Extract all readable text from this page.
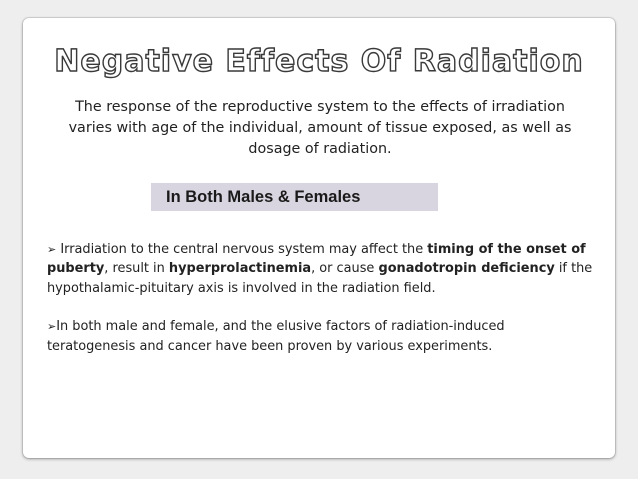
Negative Effects Of Radiation
The response of the reproductive system to the effects of irradiation varies with age of the individual, amount of tissue exposed, as well as dosage of radiation.
In Both Males & Females

➢ Irradiation to the central nervous system may affect the timing of the onset of puberty, result in hyperprolactinemia, or cause gonadotropin deficiency if the hypothalamic-pituitary axis is involved in the radiation field.

➢In both male and female, and the elusive factors of radiation-induced teratogenesis and cancer have been proven by various experiments.
